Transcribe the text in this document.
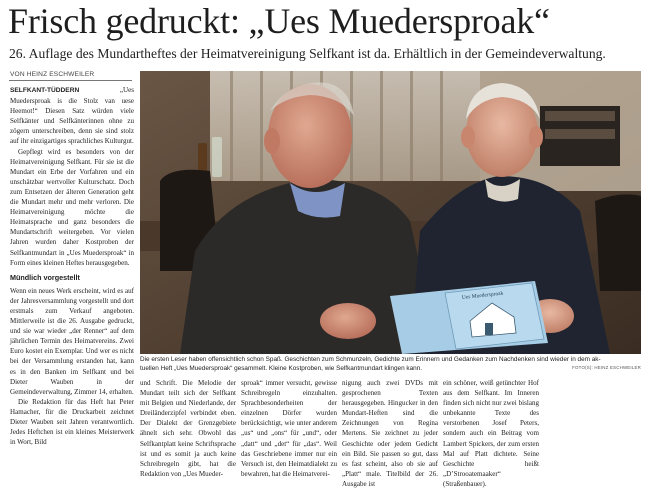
Frisch gedruckt: „Ues Muedersproak“
26. Auflage des Mundartheftes der Heimatvereinigung Selfkant ist da. Erhältlich in der Gemeindeverwaltung.
VON HEINZ ESCHWEILER

SELFKANT-TÜDDERN „Ues Muedersproak is die Stolz van uese Heemot!“ Diesen Satz würden viele Selfkänter und Selfkänterinnen ohne zu zögern unterschreiben, denn sie sind stolz auf ihr einzigartiges sprachliches Kulturgut.

Gepflegt wird es besonders von der Heimatvereinigung Selfkant. Für sie ist die Mundart ein Erbe der Vorfahren und ein unschätzbar wertvoller Kulturschatz. Doch zum Entsetzen der älteren Generation geht die Mundart mehr und mehr verloren. Die Heimatvereinigung möchte die Heimatsprache und ganz besonders die Mundartschrift weitergeben. Vor vielen Jahren wurden daher Kostproben der Selfkantmundart in „Ues Muedersproak“ in Form eines kleinen Heftes herausgegeben.

Mündlich vorgestellt

Wenn ein neues Werk erscheint, wird es auf der Jahresversammlung vorgestellt und dort erstmals zum Verkauf angeboten. Mittlerweile ist die 26. Ausgabe gedruckt, und sie war wieder „der Renner“ auf dem jährlichen Termin des Heimatvereins. Zwei Euro kostet ein Exemplar. Und wer es nicht bei der Versammlung erstanden hat, kann es in den Banken im Selfkant und bei Dieter Wauben in der Gemeindeverwaltung, Zimmer 14, erhalten.

Die Redaktion für das Heft hat Peter Hamacher, für die Druckarbeit zeichnet Dieter Wauben seit Jahren verantwortlich. Jedes Heftchen ist ein kleines Meisterwerk in Wort, Bild

Ues Muedersproak

Die ersten Leser haben offensichtlich schon Spaß. Geschichten zum Schmunzeln, Gedichte zum Erinnern und Gedanken zum Nachdenken sind wieder in dem ak-

tuellen Heft „Ues Muedersproak“ gesammelt. Kleine Kostproben, wie Selfkantmundart klingen kann.	FOTO(S): HEINZ ESCHWEILER

und Schrift. Die Melodie der Mundart teilt sich der Selfkant mit Belgien und Niederlande, der Dreiländerzipfel verbindet eben. Der Dialekt der Grenzgebiete ähnelt sich sehr. Obwohl das Selfkantplatt keine Schriftsprache ist und es somit ja auch keine Schreibregeln gibt, hat die Redaktion von „Ues Mueder-

sproak“ immer versucht, gewisse Schreibregeln einzuhalten. Sprachbesonderheiten der einzelnen Dörfer wurden berücksichtigt, wie unter anderem „us“ und „ons“ für „und“, oder „datt“ und „det“ für „das“. Weil das Geschriebene immer nur ein Versuch ist, den Heimatdialekt zu bewahren, hat die Heimatverei-

nigung auch zwei DVDs mit gesprochenen Texten herausgegeben. Hingucker in den Mundart-Heften sind die Zeichnungen von Regina Mertens. Sie zeichnet zu jeder Geschichte oder jedem Gedicht ein Bild. Sie passen so gut, dass es fast scheint, also ob sie auf „Platt“ male. Titelbild der 26. Ausgabe ist

ein schöner, weiß getünchter Hof aus dem Selfkant. Im Inneren finden sich nicht nur zwei bislang unbekannte Texte des verstorbenen Josef Peters, sondern auch ein Beitrag vom Lambert Spickers, der zum ersten Mal auf Platt dichtete. Seine Geschichte heißt „D’Strooatemaaker“ (Straßenbauer).
